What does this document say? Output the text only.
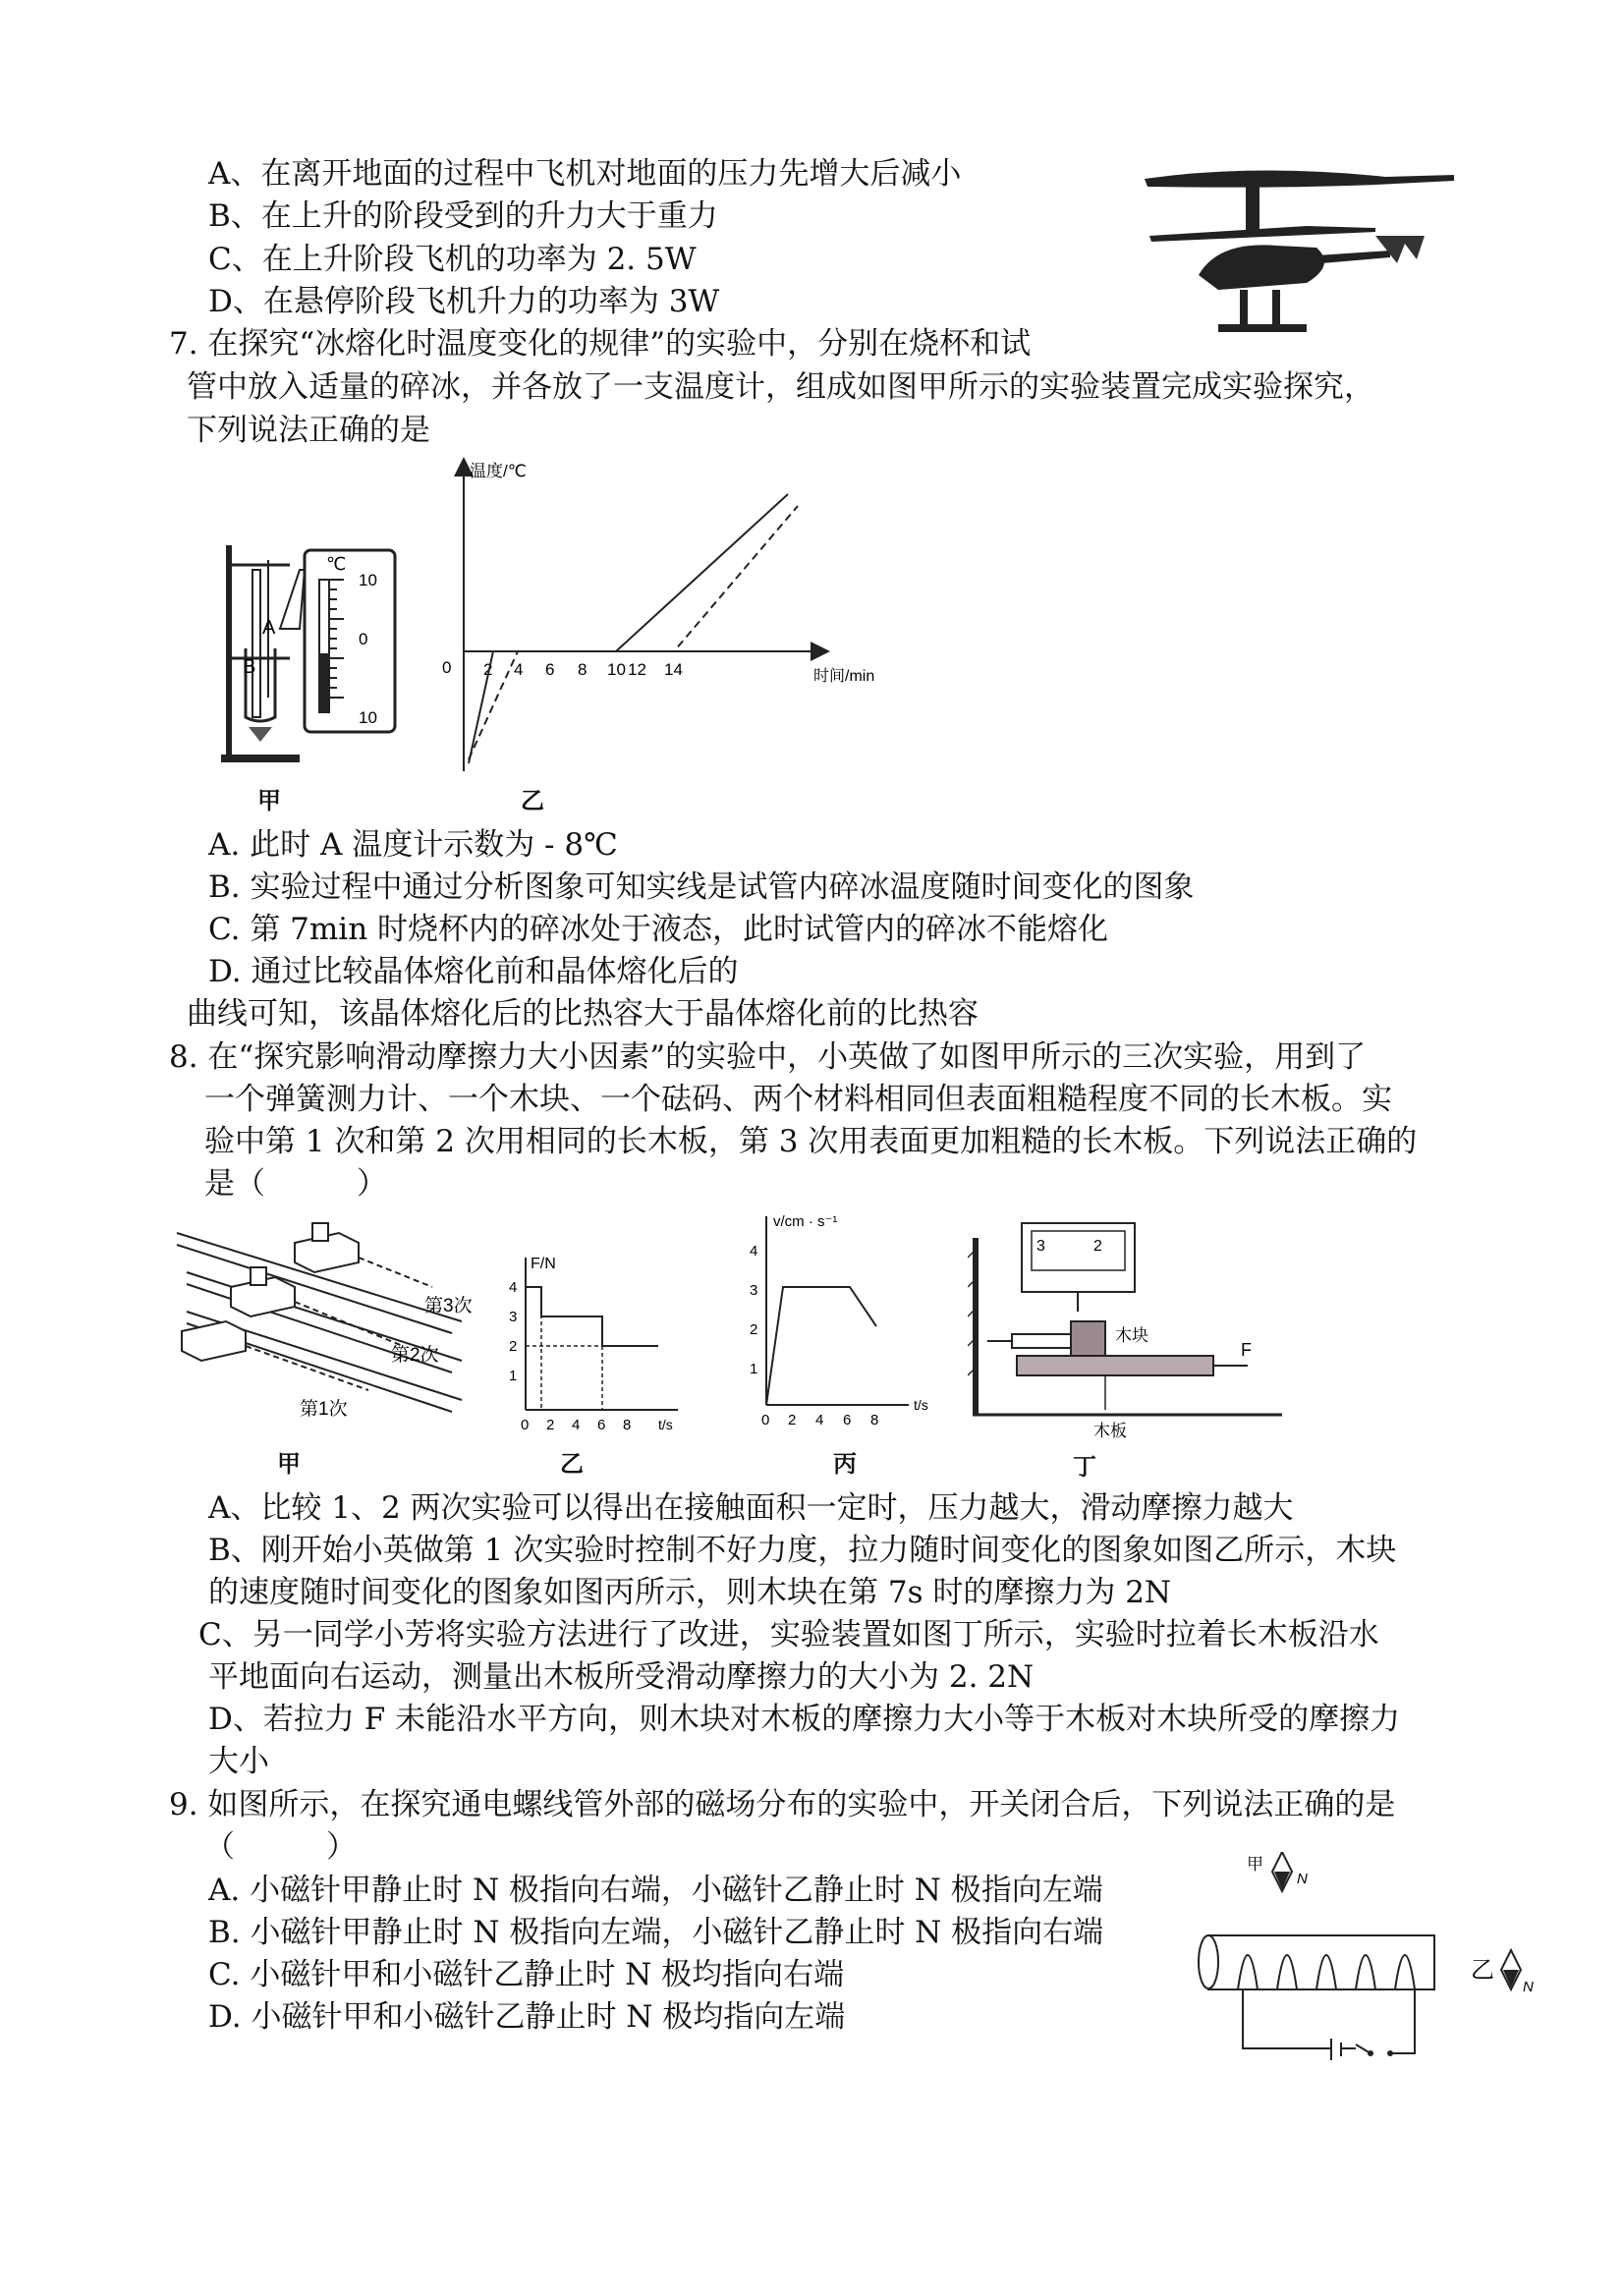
A、在离开地面的过程中飞机对地面的压力先增大后减小
B、在上升的阶段受到的升力大于重力
C、在上升阶段飞机的功率为 2. 5W
D、在悬停阶段飞机升力的功率为 3W
7. 在探究“冰熔化时温度变化的规律”的实验中，分别在烧杯和试
管中放入适量的碎冰，并各放了一支温度计，组成如图甲所示的实验装置完成实验探究，
下列说法正确的是
A
B
℃
10
0
10
甲
温度/℃
时间/min
0 2 4 6 8 10 12 14
乙
A. 此时 A 温度计示数为 - 8℃
B. 实验过程中通过分析图象可知实线是试管内碎冰温度随时间变化的图象
C. 第 7min 时烧杯内的碎冰处于液态，此时试管内的碎冰不能熔化
D. 通过比较晶体熔化前和晶体熔化后的
曲线可知，该晶体熔化后的比热容大于晶体熔化前的比热容
8. 在“探究影响滑动摩擦力大小因素”的实验中，小英做了如图甲所示的三次实验，用到了
一个弹簧测力计、一个木块、一个砝码、两个材料相同但表面粗糙程度不同的长木板。实
验中第 1 次和第 2 次用相同的长木板，第 3 次用表面更加粗糙的长木板。下列说法正确的
是（　　　）
第3次
第2次
第1次
甲
F/N
t/s
1
2
3
4
0 2 4 6 8
乙
v/cm · s⁻¹
t/s
1
2
3
4
0 2 4 6 8
丙
3	2
木块
F
木板
丁
A、比较 1、2 两次实验可以得出在接触面积一定时，压力越大，滑动摩擦力越大
B、刚开始小英做第 1 次实验时控制不好力度，拉力随时间变化的图象如图乙所示，木块
的速度随时间变化的图象如图丙所示，则木块在第 7s 时的摩擦力为 2N
C、另一同学小芳将实验方法进行了改进，实验装置如图丁所示，实验时拉着长木板沿水
平地面向右运动，测量出木板所受滑动摩擦力的大小为 2. 2N
D、若拉力 F 未能沿水平方向，则木块对木板的摩擦力大小等于木板对木块所受的摩擦力
大小
9. 如图所示，在探究通电螺线管外部的磁场分布的实验中，开关闭合后，下列说法正确的是
（　　　）
A. 小磁针甲静止时 N 极指向右端，小磁针乙静止时 N 极指向左端
B. 小磁针甲静止时 N 极指向左端，小磁针乙静止时 N 极指向右端
C. 小磁针甲和小磁针乙静止时 N 极均指向右端
D. 小磁针甲和小磁针乙静止时 N 极均指向左端
甲
N
乙
N
